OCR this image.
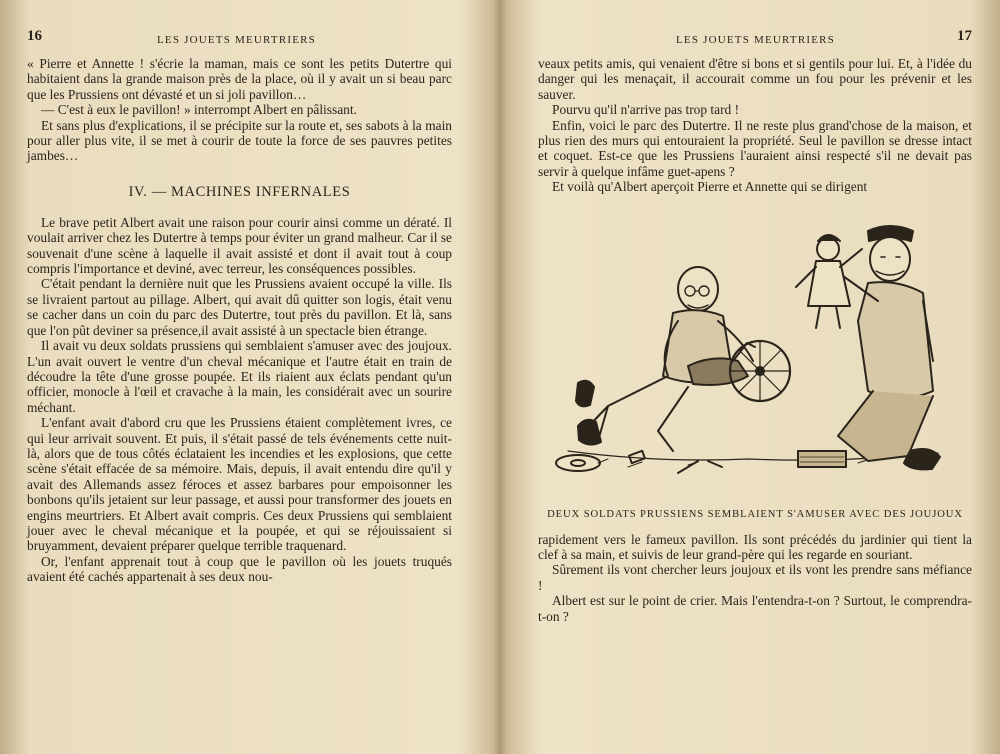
16	LES JOUETS MEURTRIERS

« Pierre et Annette ! s'écrie la maman, mais ce sont les petits Dutertre qui habitaient dans la grande maison près de la place, où il y avait un si beau parc que les Prussiens ont dévasté et un si joli pavillon…

— C'est à eux le pavillon! » interrompt Albert en pâlissant.

Et sans plus d'explications, il se précipite sur la route et, ses sabots à la main pour aller plus vite, il se met à courir de toute la force de ses pauvres petites jambes…

IV. — MACHINES INFERNALES

Le brave petit Albert avait une raison pour courir ainsi comme un dératé. Il voulait arriver chez les Dutertre à temps pour éviter un grand malheur. Car il se souvenait d'une scène à laquelle il avait assisté et dont il avait tout à coup compris l'importance et deviné, avec terreur, les conséquences possibles.

C'était pendant la dernière nuit que les Prussiens avaient occupé la ville. Ils se livraient partout au pillage. Albert, qui avait dû quitter son logis, était venu se cacher dans un coin du parc des Dutertre, tout près du pavillon. Et là, sans que l'on pût deviner sa présence,il avait assisté à un spectacle bien étrange.

Il avait vu deux soldats prussiens qui semblaient s'amuser avec des joujoux. L'un avait ouvert le ventre d'un cheval mécanique et l'autre était en train de découdre la tête d'une grosse poupée. Et ils riaient aux éclats pendant qu'un officier, monocle à l'œil et cravache à la main, les considérait avec un sourire méchant.

L'enfant avait d'abord cru que les Prussiens étaient complètement ivres, ce qui leur arrivait souvent. Et puis, il s'était passé de tels événements cette nuit-là, alors que de tous côtés éclataient les incendies et les explosions, que cette scène s'était effacée de sa mémoire. Mais, depuis, il avait entendu dire qu'il y avait des Allemands assez féroces et assez barbares pour empoisonner les bonbons qu'ils jetaient sur leur passage, et aussi pour transformer des jouets en engins meurtriers. Et Albert avait compris. Ces deux Prussiens qui semblaient jouer avec le cheval mécanique et la poupée, et qui se réjouissaient si bruyamment, devaient préparer quelque terrible traquenard.

Or, l'enfant apprenait tout à coup que le pavillon où les jouets truqués avaient été cachés appartenait à ses deux nou-

LES JOUETS MEURTRIERS	17

veaux petits amis, qui venaient d'être si bons et si gentils pour lui. Et, à l'idée du danger qui les menaçait, il accourait comme un fou pour les prévenir et les sauver.

Pourvu qu'il n'arrive pas trop tard !

Enfin, voici le parc des Dutertre. Il ne reste plus grand'chose de la maison, et plus rien des murs qui entouraient la propriété. Seul le pavillon se dresse intact et coquet. Est-ce que les Prussiens l'auraient ainsi respecté s'il ne devait pas servir à quelque infâme guet-apens ?

Et voilà qu'Albert aperçoit Pierre et Annette qui se dirigent

DEUX SOLDATS PRUSSIENS SEMBLAIENT S'AMUSER AVEC DES JOUJOUX

rapidement vers le fameux pavillon. Ils sont précédés du jardinier qui tient la clef à sa main, et suivis de leur grand-père qui les regarde en souriant.

Sûrement ils vont chercher leurs joujoux et ils vont les prendre sans méfiance !

Albert est sur le point de crier. Mais l'entendra-t-on ? Surtout, le comprendra-t-on ?
